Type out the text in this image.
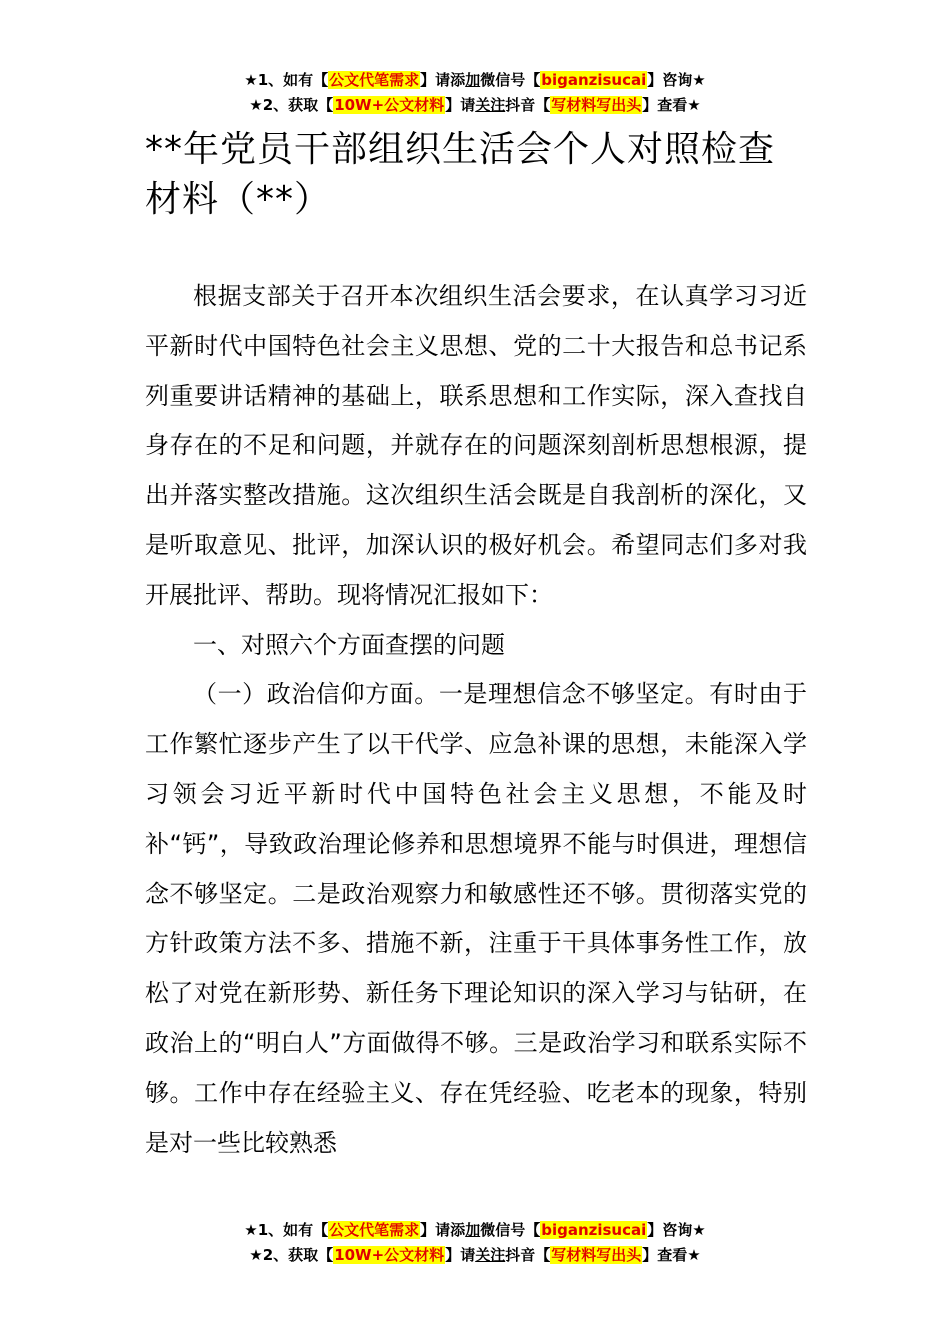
★1、如有【公文代笔需求】请添加微信号【biganzisucai】咨询★
★2、获取【10W+公文材料】请关注抖音【写材料写出头】查看★
**年党员干部组织生活会个人对照检查材料（**）

根据支部关于召开本次组织生活会要求，在认真学习习近平新时代中国特色社会主义思想、党的二十大报告和总书记系列重要讲话精神的基础上，联系思想和工作实际，深入查找自身存在的不足和问题，并就存在的问题深刻剖析思想根源，提出并落实整改措施。这次组织生活会既是自我剖析的深化，又是听取意见、批评，加深认识的极好机会。希望同志们多对我开展批评、帮助。现将情况汇报如下：

一、对照六个方面查摆的问题

（一）政治信仰方面。一是理想信念不够坚定。有时由于工作繁忙逐步产生了以干代学、应急补课的思想，未能深入学习领会习近平新时代中国特色社会主义思想，不能及时补“钙”，导致政治理论修养和思想境界不能与时俱进，理想信念不够坚定。二是政治观察力和敏感性还不够。贯彻落实党的方针政策方法不多、措施不新，注重于干具体事务性工作，放松了对党在新形势、新任务下理论知识的深入学习与钻研，在政治上的“明白人”方面做得不够。三是政治学习和联系实际不够。工作中存在经验主义、存在凭经验、吃老本的现象，特别是对一些比较熟悉

★1、如有【公文代笔需求】请添加微信号【biganzisucai】咨询★
★2、获取【10W+公文材料】请关注抖音【写材料写出头】查看★
